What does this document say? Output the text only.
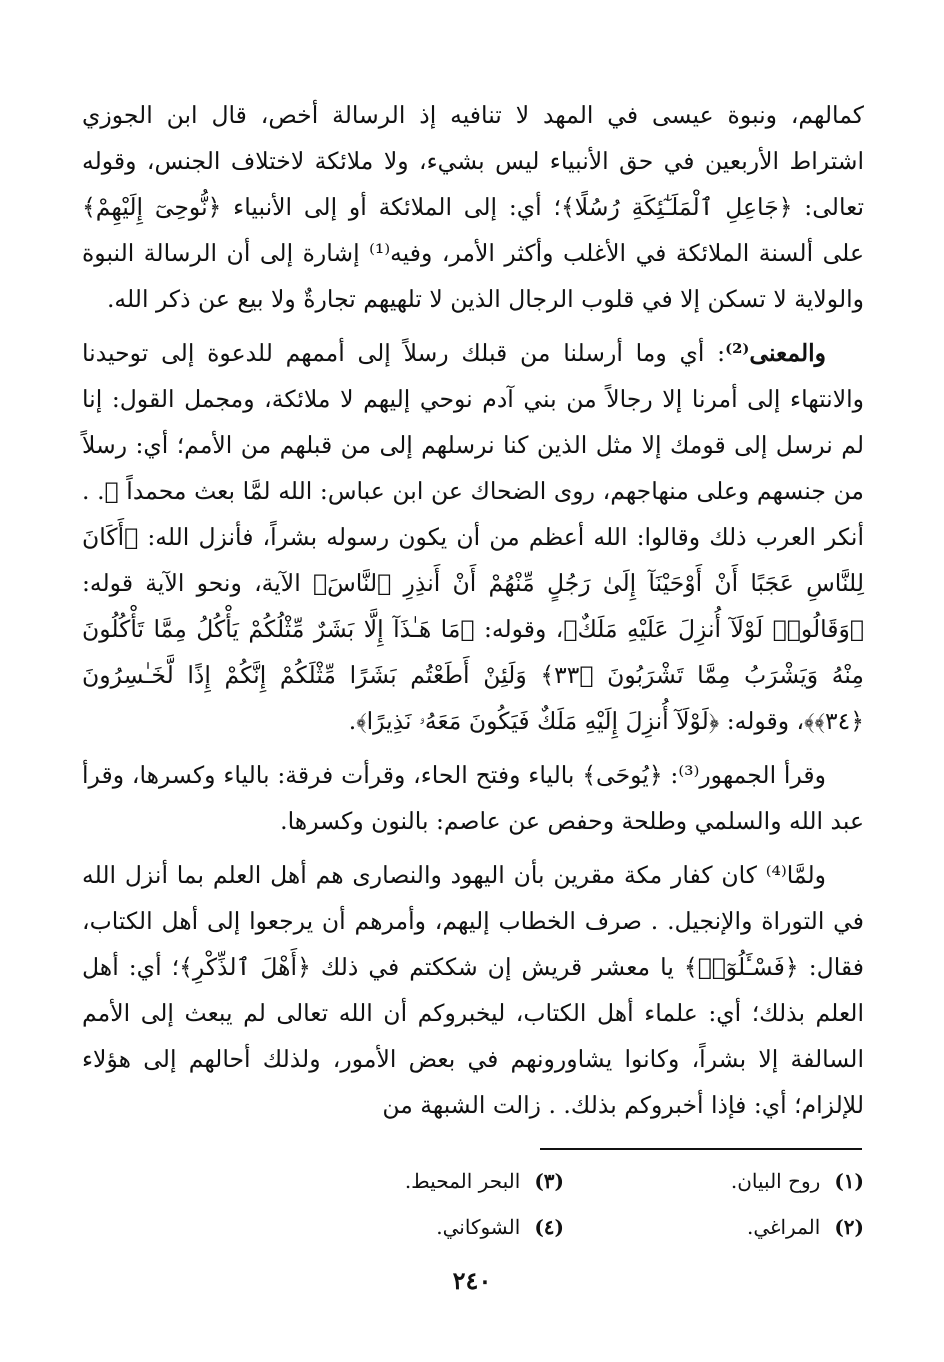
كمالهم، ونبوة عيسى في المهد لا تنافيه إذ الرسالة أخص، قال ابن الجوزي اشتراط الأربعين في حق الأنبياء ليس بشيء، ولا ملائكة لاختلاف الجنس، وقوله تعالى: ﴿جَاعِلِ ٱلْمَلَـٰٓئِكَةِ رُسُلًا﴾؛ أي: إلى الملائكة أو إلى الأنبياء ﴿نُّوحِىٓ إِلَيْهِمْ﴾ على ألسنة الملائكة في الأغلب وأكثر الأمر، وفيه⁽¹⁾ إشارة إلى أن الرسالة النبوة والولاية لا تسكن إلا في قلوب الرجال الذين لا تلهيهم تجارةٌ ولا بيع عن ذكر الله.

والمعنى⁽²⁾: أي وما أرسلنا من قبلك رسلاً إلى أممهم للدعوة إلى توحيدنا والانتهاء إلى أمرنا إلا رجالاً من بني آدم نوحي إليهم لا ملائكة، ومجمل القول: إنا لم نرسل إلى قومك إلا مثل الذين كنا نرسلهم إلى من قبلهم من الأمم؛ أي: رسلاً من جنسهم وعلى منهاجهم، روى الضحاك عن ابن عباس: الله لمَّا بعث محمداً ﷺ. . أنكر العرب ذلك وقالوا: الله أعظم من أن يكون رسوله بشراً، فأنزل الله: ﴿أَكَانَ لِلنَّاسِ عَجَبًا أَنْ أَوْحَيْنَآ إِلَىٰ رَجُلٍ مِّنْهُمْ أَنْ أَنذِرِ ٱلنَّاسَ﴾ الآية، ونحو الآية قوله: ﴿وَقَالُوا۟ لَوْلَآ أُنزِلَ عَلَيْهِ مَلَكٌ﴾، وقوله: ﴿مَا هَـٰذَآ إِلَّا بَشَرٌ مِّثْلُكُمْ يَأْكُلُ مِمَّا تَأْكُلُونَ مِنْهُ وَيَشْرَبُ مِمَّا تَشْرَبُونَ ﴿٣٣﴾ وَلَئِنْ أَطَعْتُم بَشَرًا مِّثْلَكُمْ إِنَّكُمْ إِذًا لَّخَـٰسِرُونَ ﴿٣٤﴾﴾، وقوله: ﴿لَوْلَآ أُنزِلَ إِلَيْهِ مَلَكٌ فَيَكُونَ مَعَهُۥ نَذِيرًا﴾.

وقرأ الجمهور⁽³⁾: ﴿يُوحَى﴾ بالياء وفتح الحاء، وقرأت فرقة: بالياء وكسرها، وقرأ عبد الله والسلمي وطلحة وحفص عن عاصم: بالنون وكسرها.

ولمَّا⁽⁴⁾ كان كفار مكة مقرين بأن اليهود والنصارى هم أهل العلم بما أنزل الله في التوراة والإنجيل. . صرف الخطاب إليهم، وأمرهم أن يرجعوا إلى أهل الكتاب، فقال: ﴿فَسْـَٔلُوٓا۟﴾ يا معشر قريش إن شككتم في ذلك ﴿أَهْلَ ٱلذِّكْرِ﴾؛ أي: أهل العلم بذلك؛ أي: علماء أهل الكتاب، ليخبروكم أن الله تعالى لم يبعث إلى الأمم السالفة إلا بشراً، وكانوا يشاورونهم في بعض الأمور، ولذلك أحالهم إلى هؤلاء للإلزام؛ أي: فإذا أخبروكم بذلك. . زالت الشبهة من

(١)روح البيان.
(٣)البحر المحيط.
(٢)المراغي.
(٤)الشوكاني.
٢٤٠
